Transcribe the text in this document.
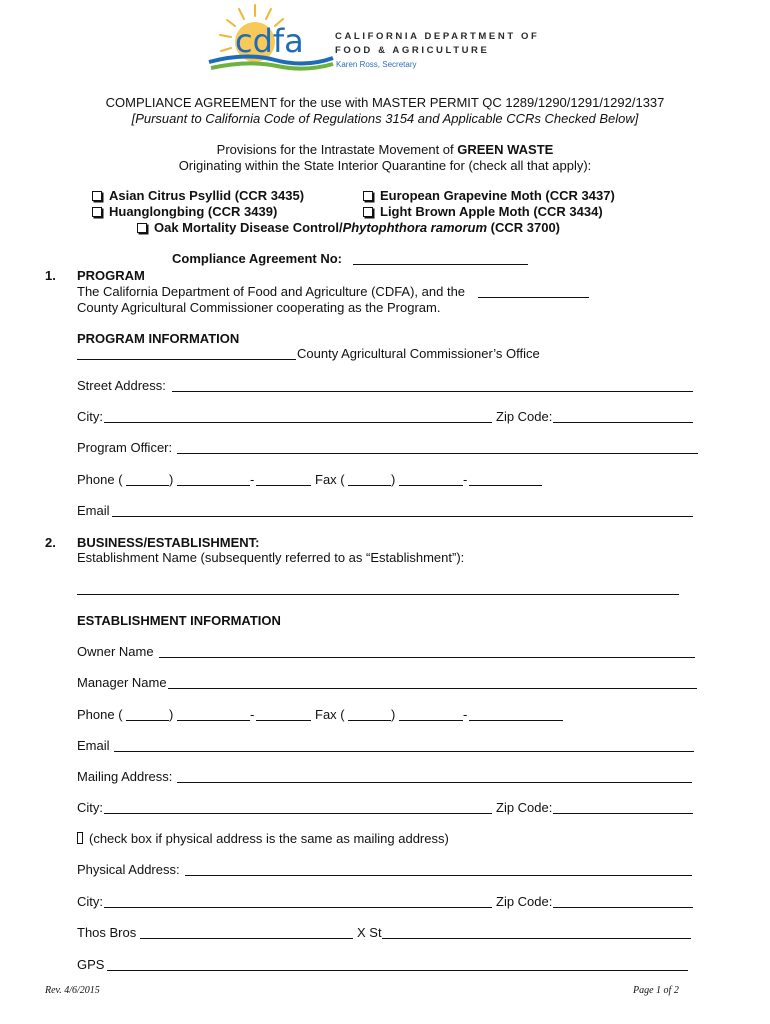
cdfa	CALIFORNIA DEPARTMENT OF
FOOD & AGRICULTURE
Karen Ross, Secretary
COMPLIANCE AGREEMENT for the use with MASTER PERMIT QC 1289/1290/1291/1292/1337
[Pursuant to California Code of Regulations 3154 and Applicable CCRs Checked Below]
Provisions for the Intrastate Movement of GREEN WASTE
Originating within the State Interior Quarantine for (check all that apply):
Asian Citrus Psyllid (CCR 3435)	European Grapevine Moth (CCR 3437)
Huanglongbing (CCR 3439)	Light Brown Apple Moth (CCR 3434)
Oak Mortality Disease Control/Phytophthora ramorum (CCR 3700)
Compliance Agreement No:
1. PROGRAM
The California Department of Food and Agriculture (CDFA), and the
County Agricultural Commissioner cooperating as the Program.
PROGRAM INFORMATION
County Agricultural Commissioner’s Office
Street Address:
City:	Zip Code:
Program Officer:
Phone (	)	-	Fax (	)	-
Email
2. BUSINESS/ESTABLISHMENT:
Establishment Name (subsequently referred to as “Establishment”):
ESTABLISHMENT INFORMATION
Owner Name
Manager Name
Phone (	)	-	Fax (	)	-
Email
Mailing Address:
City:	Zip Code:
(check box if physical address is the same as mailing address)
Physical Address:
City:	Zip Code:
Thos Bros	X St
GPS
Rev. 4/6/2015	Page 1 of 2
